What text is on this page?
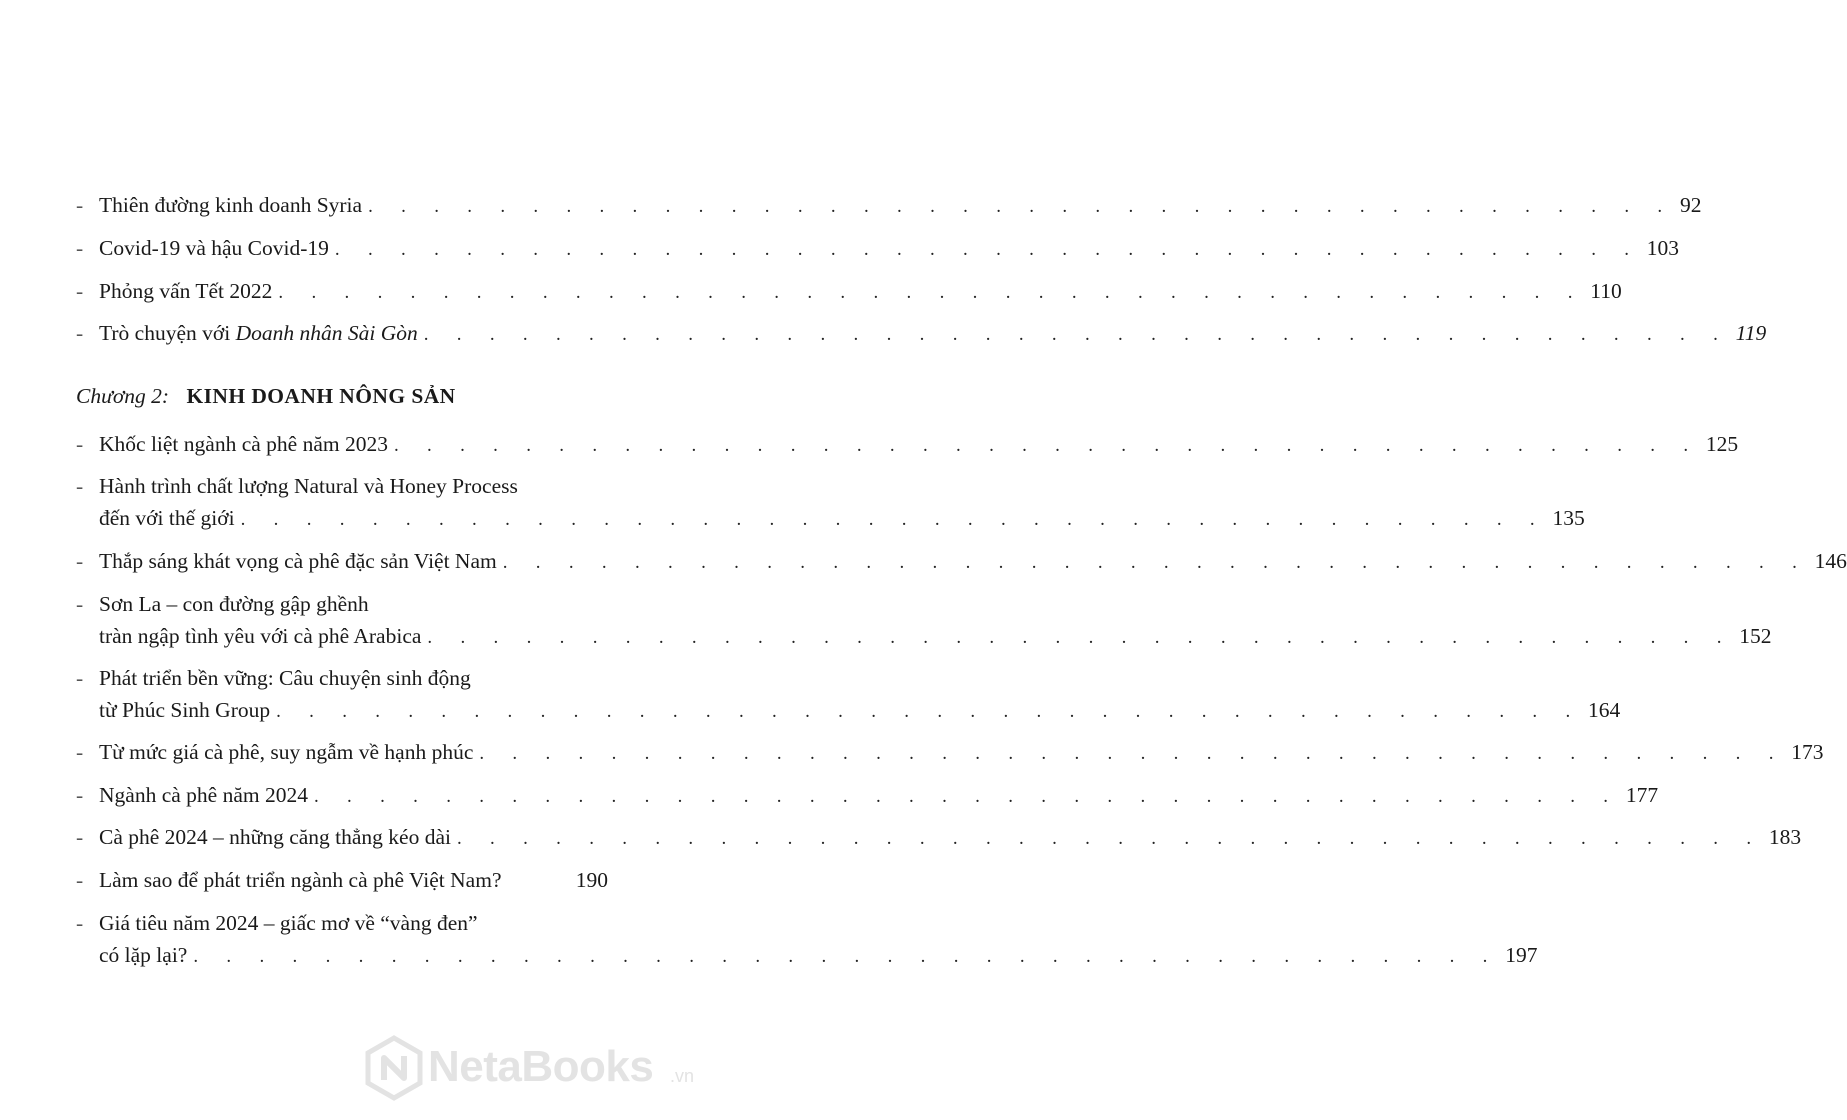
- Thiên đường kinh doanh Syria . . . . . . . . . . . . . . . . . . . . . . . . . . . . . . . . . . . . . . . . 92
- Covid-19 và hậu Covid-19 . . . . . . . . . . . . . . . . . . . . . . . . . . . . . . . . . . . . . . . . 103
- Phỏng vấn Tết 2022 . . . . . . . . . . . . . . . . . . . . . . . . . . . . . . . . . . . . . . . . 110
- Trò chuyện với Doanh nhân Sài Gòn . . . . . . . . . . . . . . . . . . . . . . . . . . . . . . . . . . . . . . . . 119
Chương 2: KINH DOANH NÔNG SẢN
- Khốc liệt ngành cà phê năm 2023 . . . . . . . . . . . . . . . . . . . . . . . . . . . . . . . . . . . . . . . . 125
- Hành trình chất lượng Natural và Honey Process
đến với thế giới . . . . . . . . . . . . . . . . . . . . . . . . . . . . . . . . . . . . . . . . 135
- Thắp sáng khát vọng cà phê đặc sản Việt Nam . . . . . . . . . . . . . . . . . . . . . . . . . . . . . . . . . . . . . . . . 146
- Sơn La – con đường gập ghềnh
tràn ngập tình yêu với cà phê Arabica . . . . . . . . . . . . . . . . . . . . . . . . . . . . . . . . . . . . . . . . 152
- Phát triển bền vững: Câu chuyện sinh động
từ Phúc Sinh Group . . . . . . . . . . . . . . . . . . . . . . . . . . . . . . . . . . . . . . . . 164
- Từ mức giá cà phê, suy ngẫm về hạnh phúc . . . . . . . . . . . . . . . . . . . . . . . . . . . . . . . . . . . . . . . . 173
- Ngành cà phê năm 2024 . . . . . . . . . . . . . . . . . . . . . . . . . . . . . . . . . . . . . . . . 177
- Cà phê 2024 – những căng thẳng kéo dài . . . . . . . . . . . . . . . . . . . . . . . . . . . . . . . . . . . . . . . . 183
- Làm sao để phát triển ngành cà phê Việt Nam?	190
- Giá tiêu năm 2024 – giấc mơ về “vàng đen”
có lặp lại? . . . . . . . . . . . . . . . . . . . . . . . . . . . . . . . . . . . . . . . . 197
NetaBooks .vn
